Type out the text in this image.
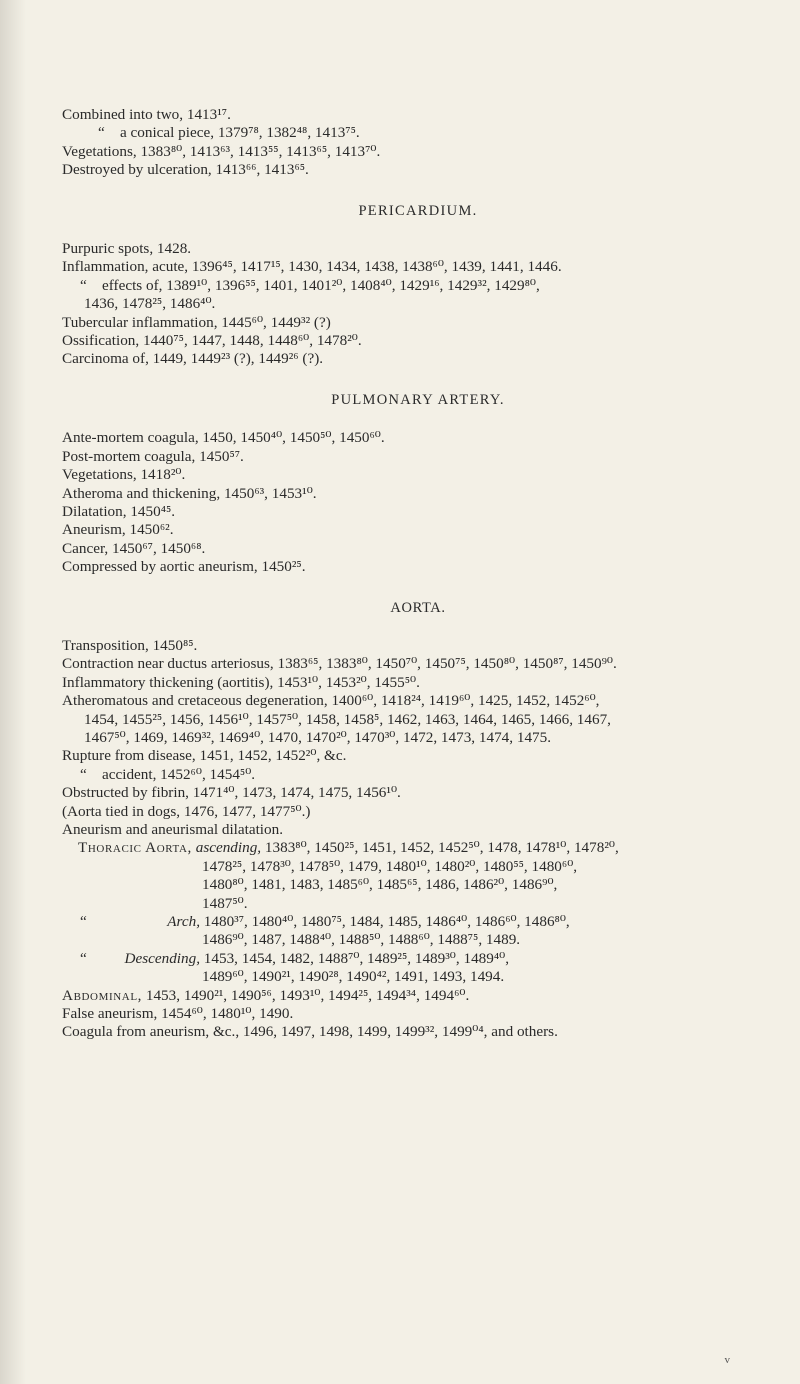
Combined into two, 1413¹⁷.
“ a conical piece, 1379⁷⁸, 1382⁴⁸, 1413⁷⁵.
Vegetations, 1383⁸⁰, 1413⁶³, 1413⁵⁵, 1413⁶⁵, 1413⁷⁰.
Destroyed by ulceration, 1413⁶⁶, 1413⁶⁵.
PERICARDIUM.
Purpuric spots, 1428.
Inflammation, acute, 1396⁴⁵, 1417¹⁵, 1430, 1434, 1438, 1438⁶⁰, 1439, 1441, 1446.
“ effects of, 1389¹⁰, 1396⁵⁵, 1401, 1401²⁰, 1408⁴⁰, 1429¹⁶, 1429³², 1429⁸⁰,
1436, 1478²⁵, 1486⁴⁰.
Tubercular inflammation, 1445⁶⁰, 1449³² (?)
Ossification, 1440⁷⁵, 1447, 1448, 1448⁶⁰, 1478²⁰.
Carcinoma of, 1449, 1449²³ (?), 1449²⁶ (?).
PULMONARY ARTERY.
Ante-mortem coagula, 1450, 1450⁴⁰, 1450⁵⁰, 1450⁶⁰.
Post-mortem coagula, 1450⁵⁷.
Vegetations, 1418²⁰.
Atheroma and thickening, 1450⁶³, 1453¹⁰.
Dilatation, 1450⁴⁵.
Aneurism, 1450⁶².
Cancer, 1450⁶⁷, 1450⁶⁸.
Compressed by aortic aneurism, 1450²⁵.
AORTA.
Transposition, 1450⁸⁵.
Contraction near ductus arteriosus, 1383⁶⁵, 1383⁸⁰, 1450⁷⁰, 1450⁷⁵, 1450⁸⁰, 1450⁸⁷, 1450⁹⁰.
Inflammatory thickening (aortitis), 1453¹⁰, 1453²⁰, 1455⁵⁰.
Atheromatous and cretaceous degeneration, 1400⁶⁰, 1418²⁴, 1419⁶⁰, 1425, 1452, 1452⁶⁰,
1454, 1455²⁵, 1456, 1456¹⁰, 1457⁵⁰, 1458, 1458⁵, 1462, 1463, 1464, 1465, 1466, 1467,
1467⁵⁰, 1469, 1469³², 1469⁴⁰, 1470, 1470²⁰, 1470³⁰, 1472, 1473, 1474, 1475.
Rupture from disease, 1451, 1452, 1452²⁰, &c.
“ accident, 1452⁶⁰, 1454⁵⁰.
Obstructed by fibrin, 1471⁴⁰, 1473, 1474, 1475, 1456¹⁰.
(Aorta tied in dogs, 1476, 1477, 1477⁵⁰.)
Aneurism and aneurismal dilatation.
Thoracic Aorta, ascending, 1383⁸⁰, 1450²⁵, 1451, 1452, 1452⁵⁰, 1478, 1478¹⁰, 1478²⁰,
1478²⁵, 1478³⁰, 1478⁵⁰, 1479, 1480¹⁰, 1480²⁰, 1480⁵⁵, 1480⁶⁰,
1480⁸⁰, 1481, 1483, 1485⁶⁰, 1485⁶⁵, 1486, 1486²⁰, 1486⁹⁰,
1487⁵⁰.
“	Arch, 1480³⁷, 1480⁴⁰, 1480⁷⁵, 1484, 1485, 1486⁴⁰, 1486⁶⁰, 1486⁸⁰,
1486⁹⁰, 1487, 1488⁴⁰, 1488⁵⁰, 1488⁶⁰, 1488⁷⁵, 1489.
“ Descending, 1453, 1454, 1482, 1488⁷⁰, 1489²⁵, 1489³⁰, 1489⁴⁰,
1489⁶⁰, 1490²¹, 1490²⁸, 1490⁴², 1491, 1493, 1494.
Abdominal, 1453, 1490²¹, 1490⁵⁶, 1493¹⁰, 1494²⁵, 1494³⁴, 1494⁶⁰.
False aneurism, 1454⁶⁰, 1480¹⁰, 1490.
Coagula from aneurism, &c., 1496, 1497, 1498, 1499, 1499³², 1499⁰⁴, and others.
v
